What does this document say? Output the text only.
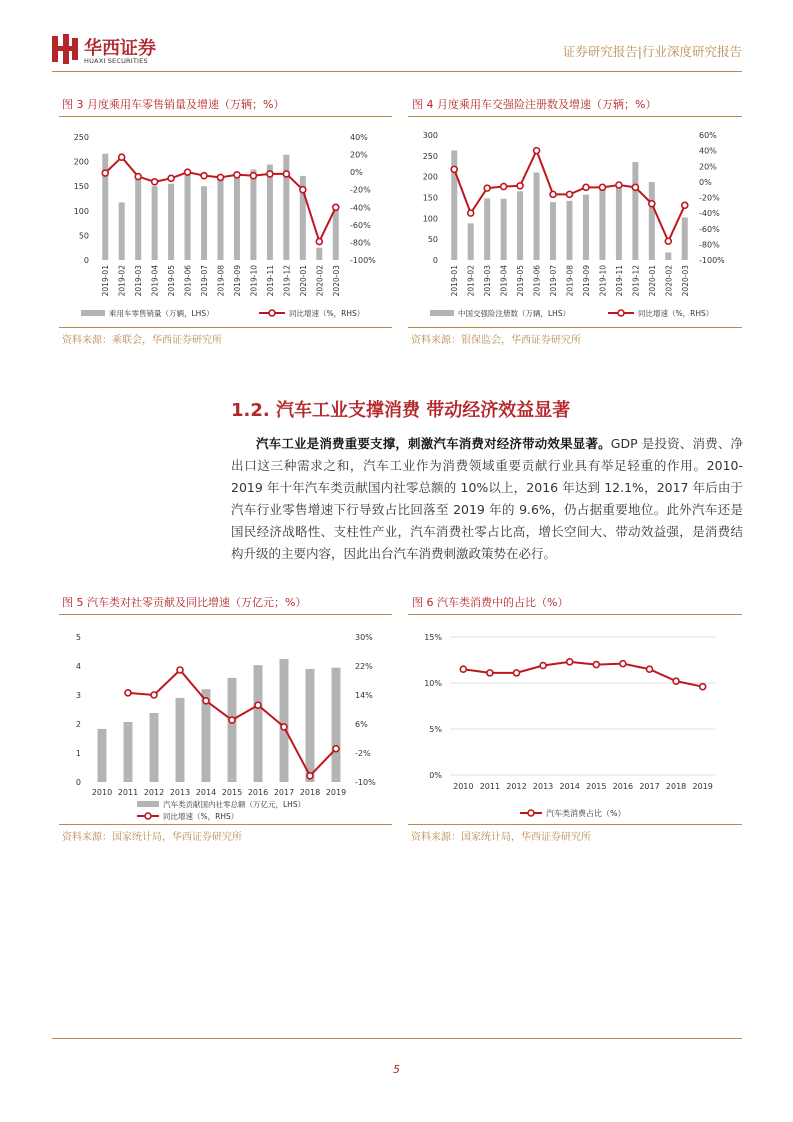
华西证券
HUAXI SECURITIES
证券研究报告|行业深度研究报告
图 3 月度乘用车零售销量及增速（万辆；%）
0
50
100
150
200
250
-100%
-80%
-60%
-40%
-20%
0%
20%
40%
2019-01 2019-02 2019-03 2019-04 2019-05 2019-06 2019-07 2019-08 2019-09 2019-10 2019-11 2019-12 2020-01 2020-02 2020-03
乘用车零售销量（万辆，LHS）	同比增速（%，RHS）
资料来源：乘联会，华西证券研究所
图 4 月度乘用车交强险注册数及增速（万辆；%）
0
50
100
150
200
250
300
-100%
-80%
-60%
-40%
-20%
0%
20%
40%
60%
2019-01 2019-02 2019-03 2019-04 2019-05 2019-06 2019-07 2019-08 2019-09 2019-10 2019-11 2019-12 2020-01 2020-02 2020-03
中国交强险注册数（万辆，LHS）	同比增速（%，RHS）
资料来源：银保监会，华西证券研究所
1.2. 汽车工业支撑消费 带动经济效益显著
汽车工业是消费重要支撑，刺激汽车消费对经济带动效果显著。GDP 是投资、消费、净出口这三种需求之和，汽车工业作为消费领域重要贡献行业具有举足轻重的作用。2010-2019 年十年汽车类贡献国内社零总额的 10%以上，2016 年达到 12.1%，2017 年后由于汽车行业零售增速下行导致占比回落至 2019 年的 9.6%，仍占据重要地位。此外汽车还是国民经济战略性、支柱性产业，汽车消费社零占比高，增长空间大、带动效益强，是消费结构升级的主要内容，因此出台汽车消费刺激政策势在必行。
图 5 汽车类对社零贡献及同比增速（万亿元；%）
0
1
2
3
4
5
-10%
-2%
6%
14%
22%
30%
2010 2011 2012 2013 2014 2015 2016 2017 2018 2019
汽车类贡献国内社零总额（万亿元，LHS）
同比增速（%，RHS）
资料来源：国家统计局，华西证券研究所
图 6 汽车类消费中的占比（%）
0%
5%
10%
15%
2010 2011 2012 2013 2014 2015 2016 2017 2018 2019
汽车类消费占比（%）
资料来源：国家统计局，华西证券研究所
5
